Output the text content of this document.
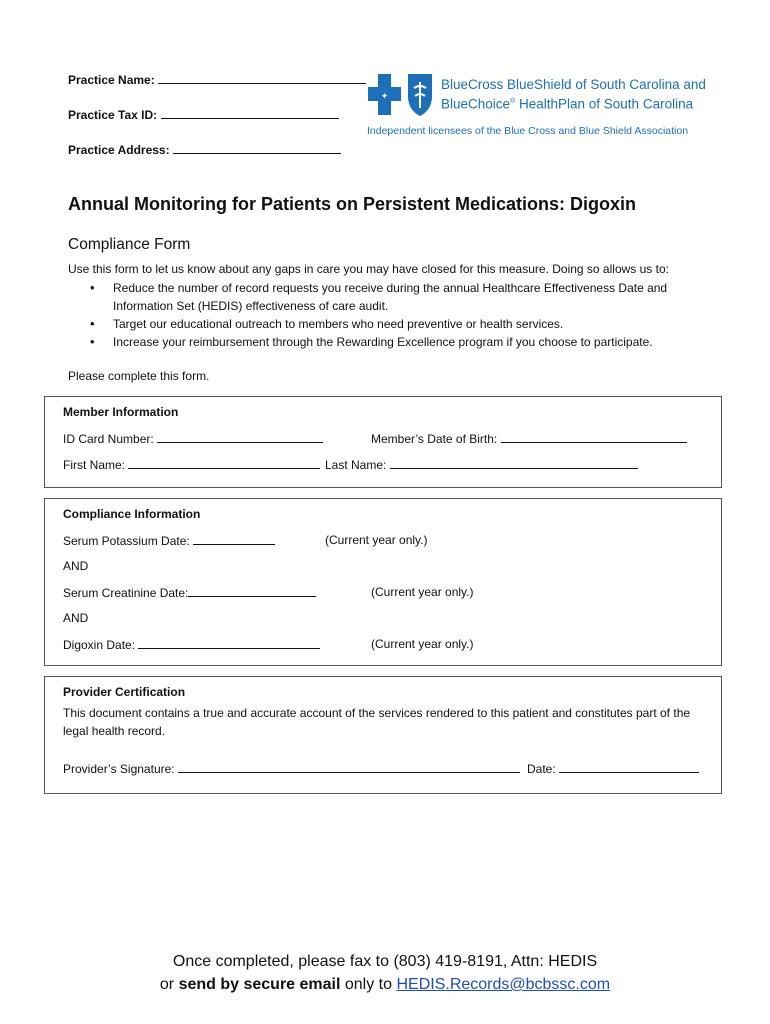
Practice Name:
Practice Tax ID:
Practice Address:
✦
BlueCross BlueShield of South Carolina and
BlueChoice® HealthPlan of South Carolina
Independent licensees of the Blue Cross and Blue Shield Association
Annual Monitoring for Patients on Persistent Medications: Digoxin
Compliance Form
Use this form to let us know about any gaps in care you may have closed for this measure. Doing so allows us to:
• Reduce the number of record requests you receive during the annual Healthcare Effectiveness Date and Information Set (HEDIS) effectiveness of care audit.
• Target our educational outreach to members who need preventive or health services.
• Increase your reimbursement through the Rewarding Excellence program if you choose to participate.
Please complete this form.
Member Information
ID Card Number:	Member’s Date of Birth:
First Name:	Last Name:
Compliance Information
Serum Potassium Date:	(Current year only.)
AND
Serum Creatinine Date:	(Current year only.)
AND
Digoxin Date:	(Current year only.)
Provider Certification
This document contains a true and accurate account of the services rendered to this patient and constitutes part of the legal health record.
Provider’s Signature:	Date:
Once completed, please fax to (803) 419-8191, Attn: HEDIS
or send by secure email only to HEDIS.Records@bcbssc.com
